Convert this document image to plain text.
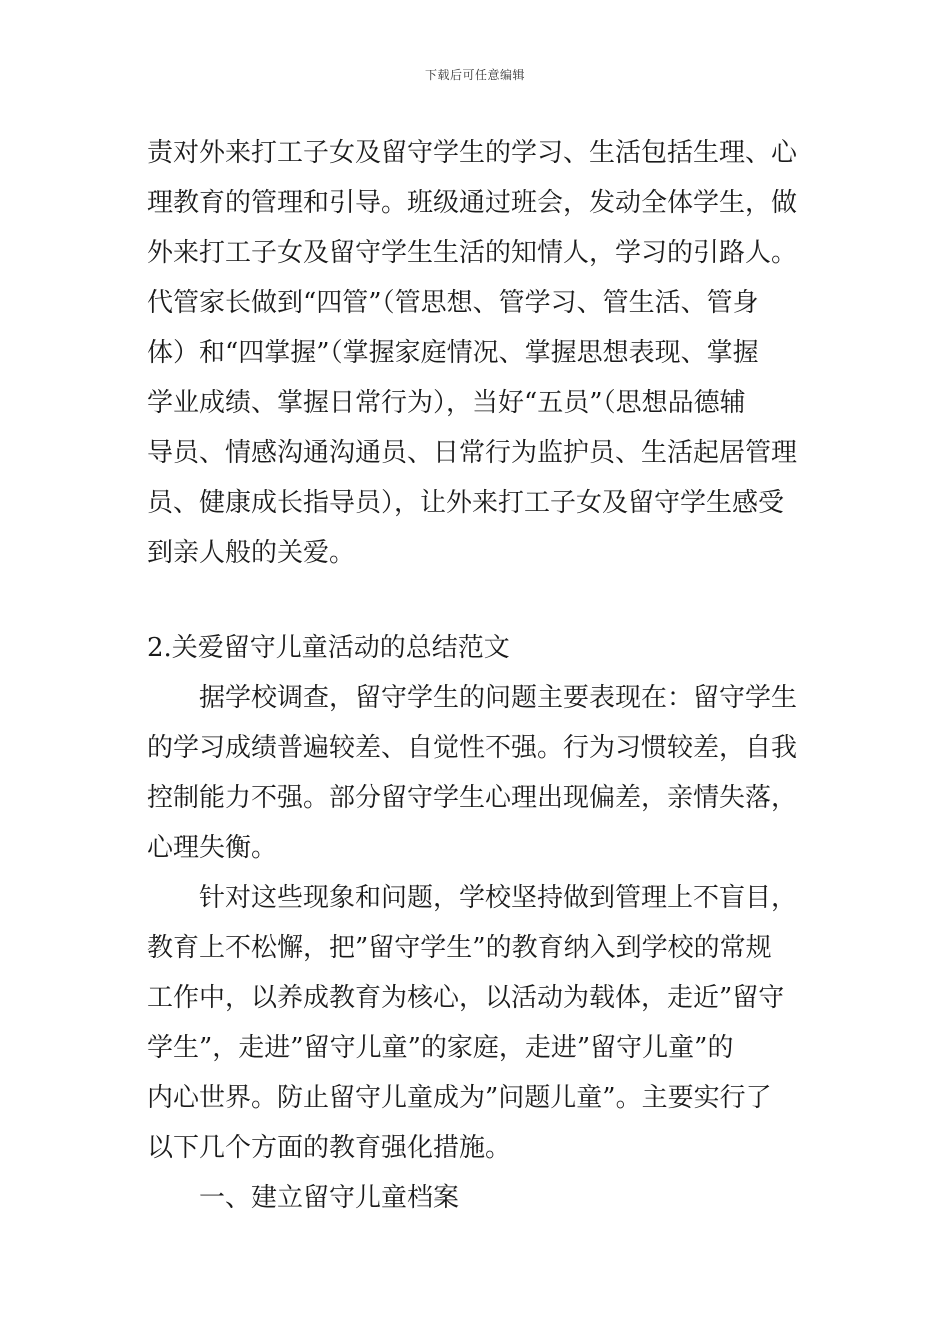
下载后可任意编辑
责对外来打工子女及留守学生的学习、生活包括生理、心
理教育的管理和引导。班级通过班会，发动全体学生，做
外来打工子女及留守学生生活的知情人，学习的引路人。
代管家长做到“四管”（管思想、管学习、管生活、管身
体）和“四掌握”（掌握家庭情况、掌握思想表现、掌握
学业成绩、掌握日常行为），当好“五员”（思想品德辅
导员、情感沟通沟通员、日常行为监护员、生活起居管理
员、健康成长指导员），让外来打工子女及留守学生感受
到亲人般的关爱。
2.关爱留守儿童活动的总结范文
据学校调查，留守学生的问题主要表现在：留守学生
的学习成绩普遍较差、自觉性不强。行为习惯较差，自我
控制能力不强。部分留守学生心理出现偏差，亲情失落，
心理失衡。
针对这些现象和问题，学校坚持做到管理上不盲目，
教育上不松懈，把”留守学生”的教育纳入到学校的常规
工作中，以养成教育为核心，以活动为载体，走近”留守
学生”，走进”留守儿童”的家庭，走进”留守儿童”的
内心世界。防止留守儿童成为”问题儿童”。主要实行了
以下几个方面的教育强化措施。
一、建立留守儿童档案
